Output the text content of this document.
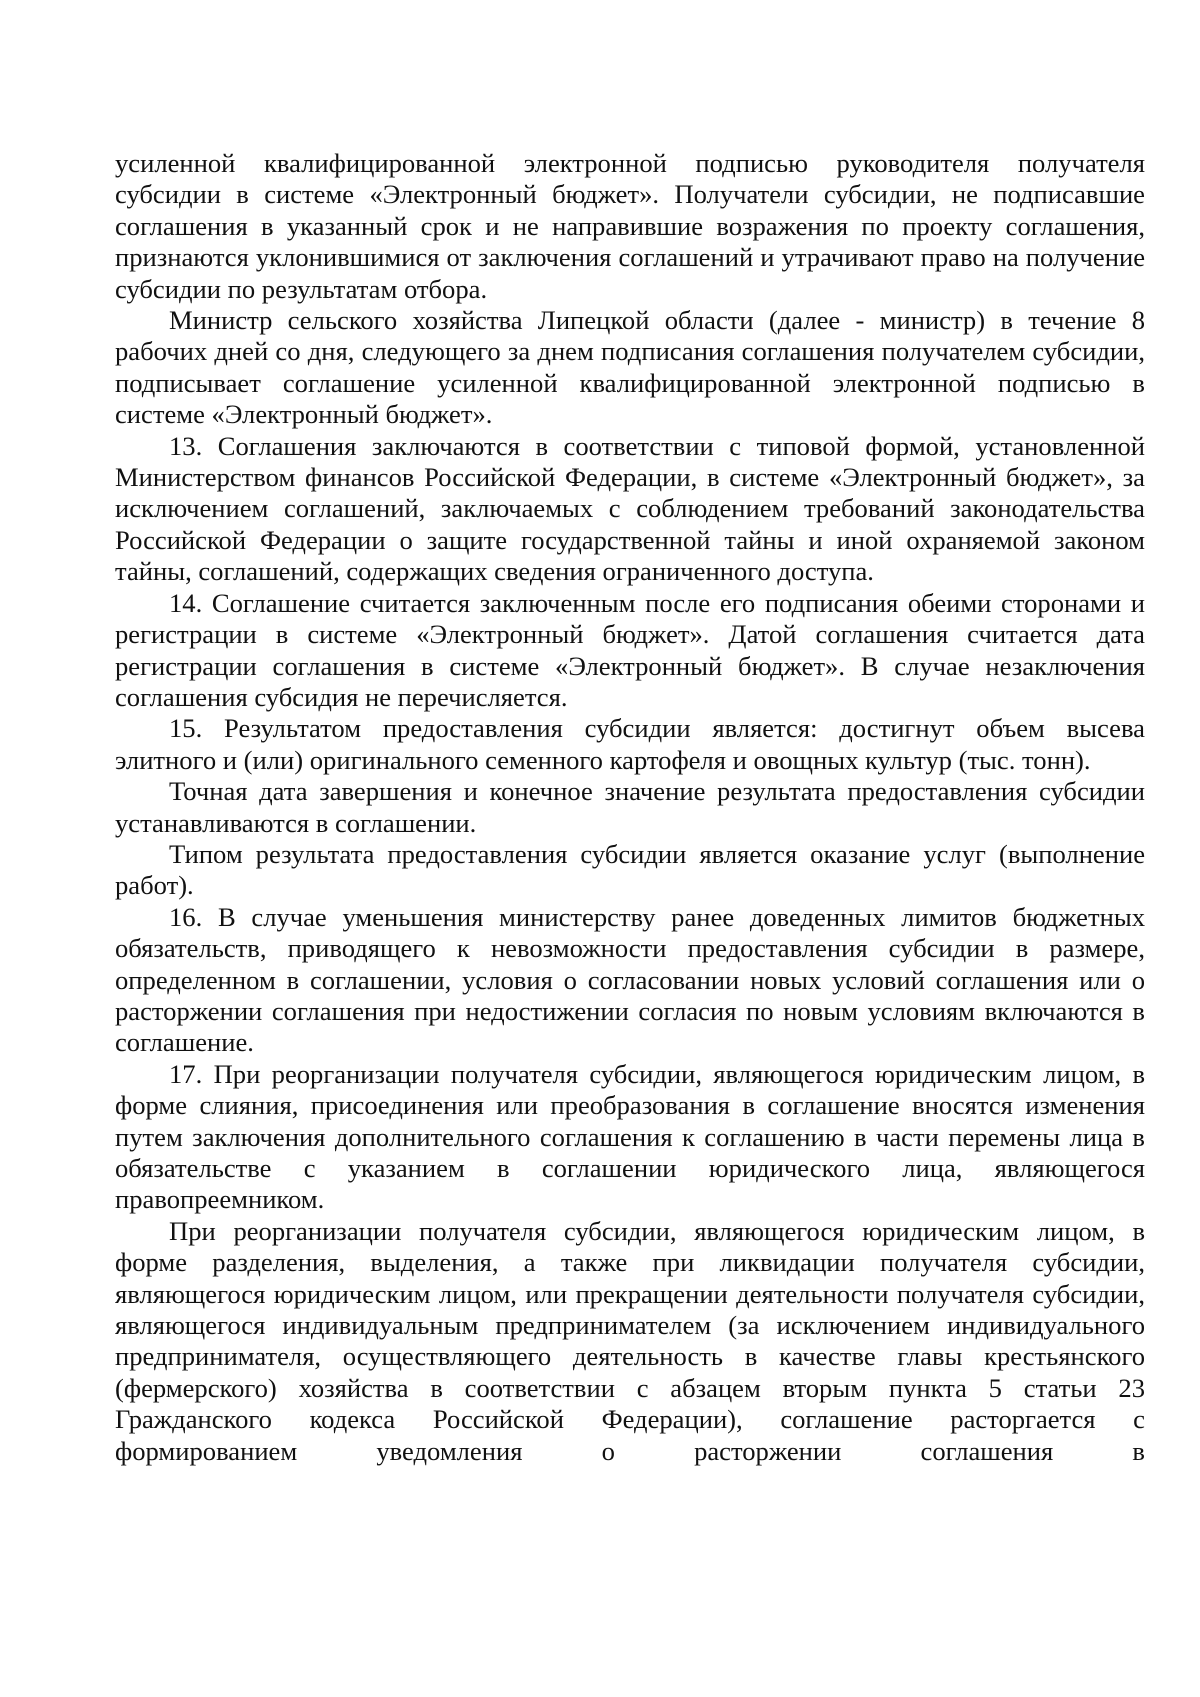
усиленной квалифицированной электронной подписью руководителя получателя субсидии в системе «Электронный бюджет». Получатели субсидии, не подписавшие соглашения в указанный срок и не направившие возражения по проекту соглашения, признаются уклонившимися от заключения соглашений и утрачивают право на получение субсидии по результатам отбора.

Министр сельского хозяйства Липецкой области (далее - министр) в течение 8 рабочих дней со дня, следующего за днем подписания соглашения получателем субсидии, подписывает соглашение усиленной квалифицированной электронной подписью в системе «Электронный бюджет».

13. Соглашения заключаются в соответствии с типовой формой, установленной Министерством финансов Российской Федерации, в системе «Электронный бюджет», за исключением соглашений, заключаемых с соблюдением требований законодательства Российской Федерации о защите государственной тайны и иной охраняемой законом тайны, соглашений, содержащих сведения ограниченного доступа.

14. Соглашение считается заключенным после его подписания обеими сторонами и регистрации в системе «Электронный бюджет». Датой соглашения считается дата регистрации соглашения в системе «Электронный бюджет». В случае незаключения соглашения субсидия не перечисляется.

15. Результатом предоставления субсидии является: достигнут объем высева элитного и (или) оригинального семенного картофеля и овощных культур (тыс. тонн).

Точная дата завершения и конечное значение результата предоставления субсидии устанавливаются в соглашении.

Типом результата предоставления субсидии является оказание услуг (выполнение работ).

16. В случае уменьшения министерству ранее доведенных лимитов бюджетных обязательств, приводящего к невозможности предоставления субсидии в размере, определенном в соглашении, условия о согласовании новых условий соглашения или о расторжении соглашения при недостижении согласия по новым условиям включаются в соглашение.

17. При реорганизации получателя субсидии, являющегося юридическим лицом, в форме слияния, присоединения или преобразования в соглашение вносятся изменения путем заключения дополнительного соглашения к соглашению в части перемены лица в обязательстве с указанием в соглашении юридического лица, являющегося правопреемником.

При реорганизации получателя субсидии, являющегося юридическим лицом, в форме разделения, выделения, а также при ликвидации получателя субсидии, являющегося юридическим лицом, или прекращении деятельности получателя субсидии, являющегося индивидуальным предпринимателем (за исключением индивидуального предпринимателя, осуществляющего деятельность в качестве главы крестьянского (фермерского) хозяйства в соответствии с абзацем вторым пункта 5 статьи 23 Гражданского кодекса Российской Федерации), соглашение расторгается с формированием уведомления о расторжении соглашения в
